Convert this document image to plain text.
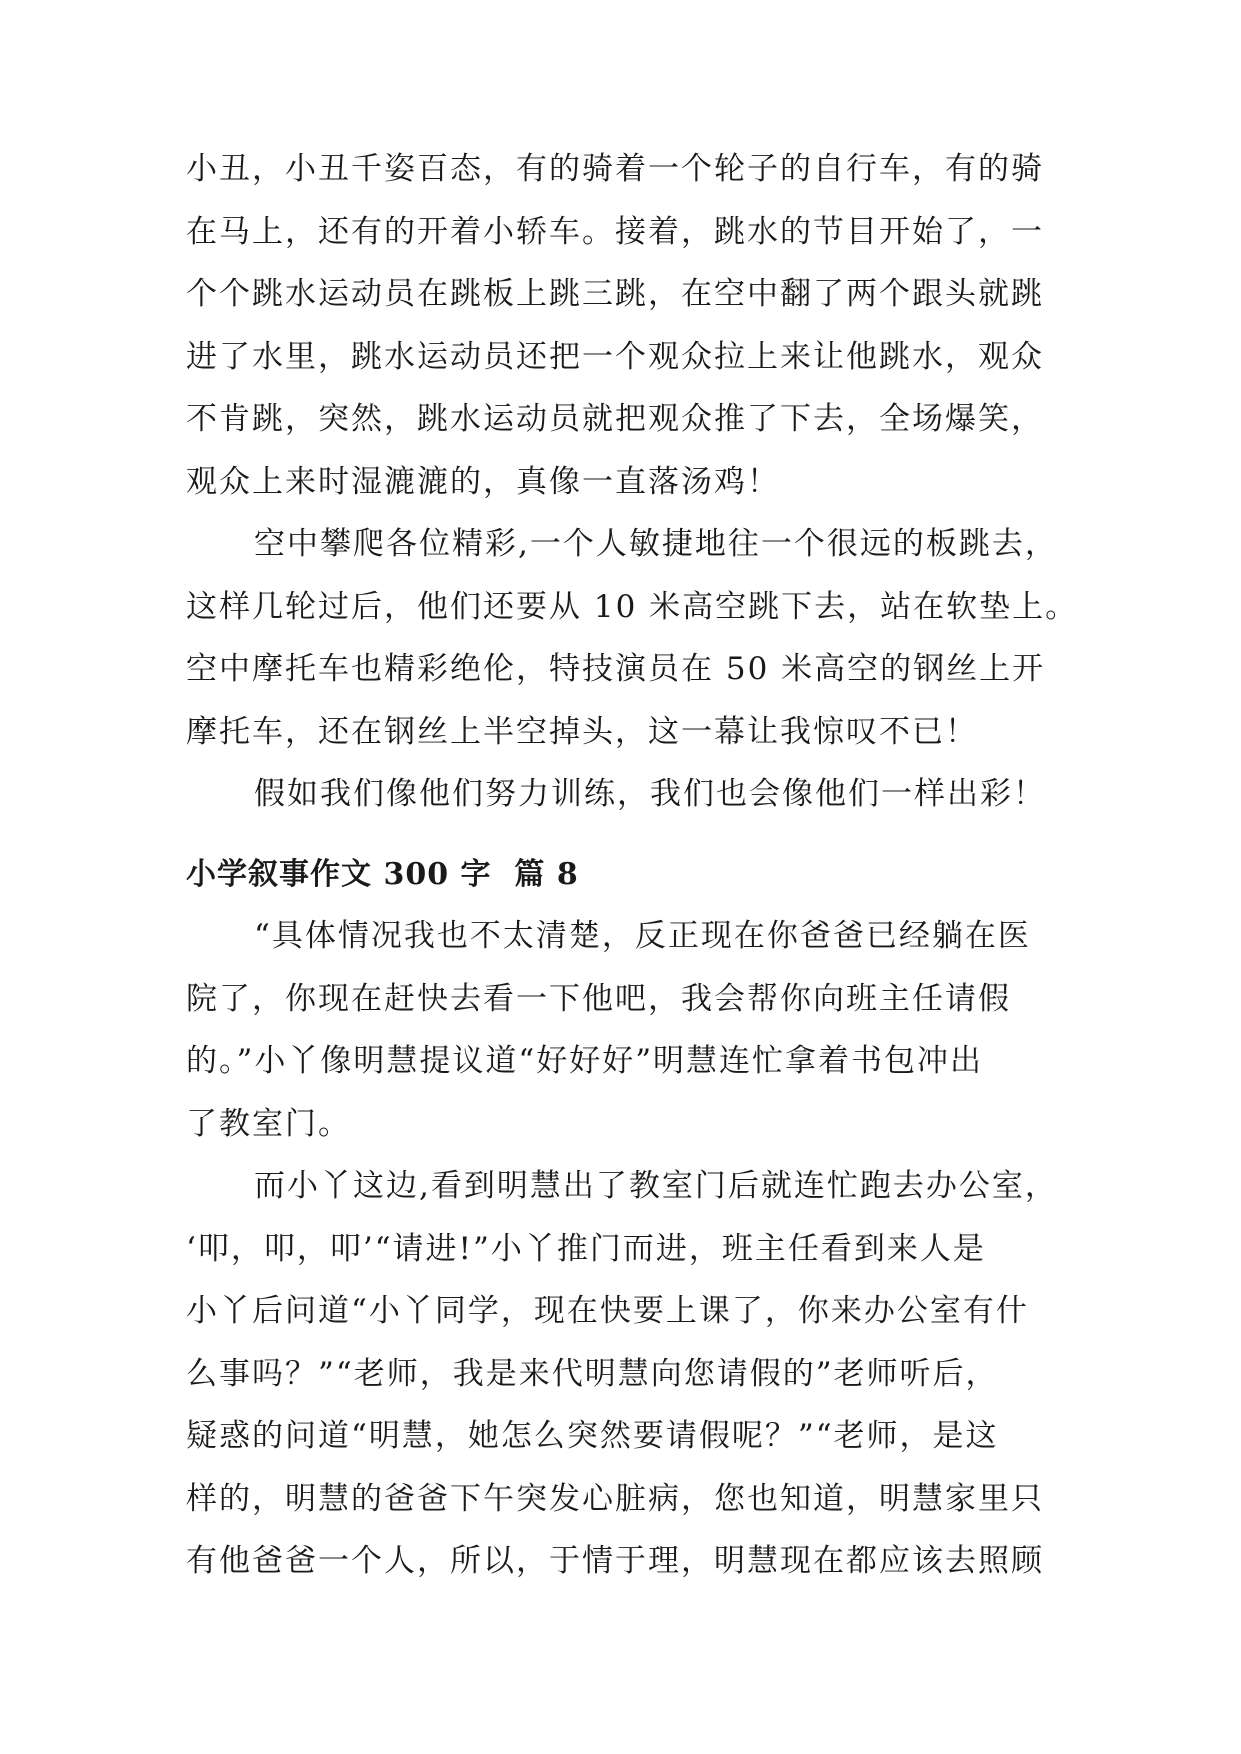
小丑，小丑千姿百态，有的骑着一个轮子的自行车，有的骑
在马上，还有的开着小轿车。接着，跳水的节目开始了，一
个个跳水运动员在跳板上跳三跳，在空中翻了两个跟头就跳
进了水里，跳水运动员还把一个观众拉上来让他跳水，观众
不肯跳，突然，跳水运动员就把观众推了下去，全场爆笑，
观众上来时湿漉漉的，真像一直落汤鸡！

空中攀爬各位精彩,一个人敏捷地往一个很远的板跳去，
这样几轮过后，他们还要从 10 米高空跳下去，站在软垫上。
空中摩托车也精彩绝伦，特技演员在 50 米高空的钢丝上开
摩托车，还在钢丝上半空掉头，这一幕让我惊叹不已！

假如我们像他们努力训练，我们也会像他们一样出彩！

小学叙事作文 300 字  篇 8

“具体情况我也不太清楚，反正现在你爸爸已经躺在医
院了，你现在赶快去看一下他吧，我会帮你向班主任请假
的。”小丫像明慧提议道“好好好”明慧连忙拿着书包冲出
了教室门。

而小丫这边,看到明慧出了教室门后就连忙跑去办公室，
‘叩，叩，叩’“请进!”小丫推门而进，班主任看到来人是
小丫后问道“小丫同学，现在快要上课了，你来办公室有什
么事吗？”“老师，我是来代明慧向您请假的”老师听后，
疑惑的问道“明慧，她怎么突然要请假呢？”“老师，是这
样的，明慧的爸爸下午突发心脏病，您也知道，明慧家里只
有他爸爸一个人，所以，于情于理，明慧现在都应该去照顾
